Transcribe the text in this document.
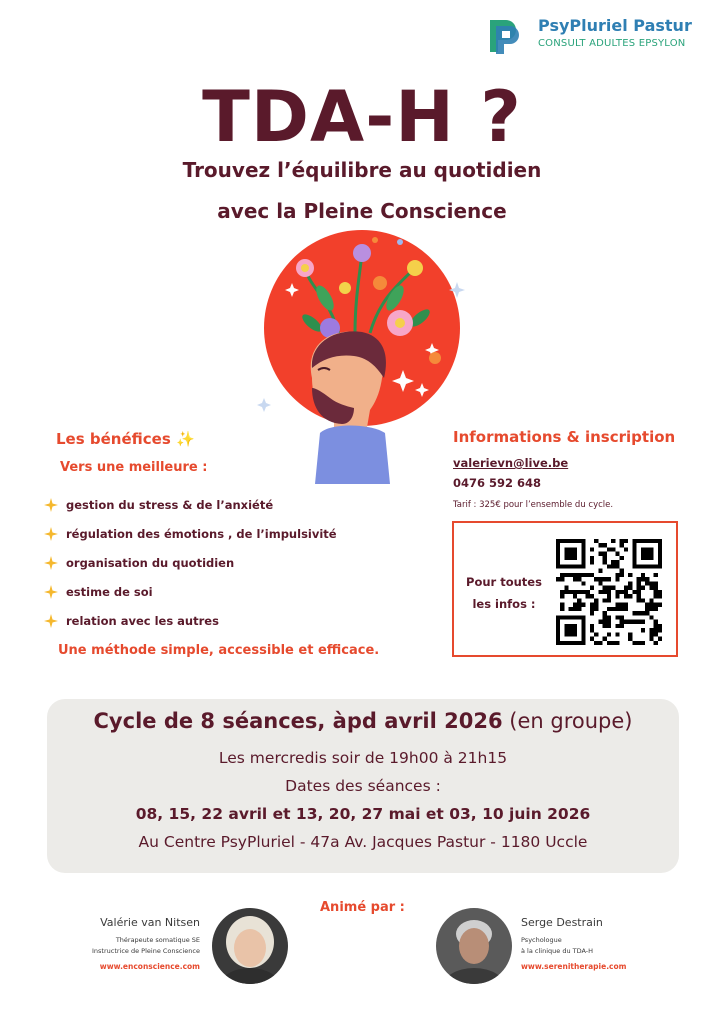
PsyPluriel Pastur
CONSULT ADULTES EPSYLON
TDA-H ?
Trouvez l’équilibre au quotidien
avec la Pleine Conscience
Les bénéfices ✨
Vers une meilleure :
gestion du stress & de l’anxiété
régulation des émotions , de l’impulsivité
organisation du quotidien
estime de soi
relation avec les autres
Une méthode simple, accessible et efficace.
Informations & inscription
valerievn@live.be
0476 592 648
Tarif : 325€ pour l’ensemble du cycle.
Pour toutes
les infos :
Cycle de 8 séances, àpd avril 2026 (en groupe)
Les mercredis soir de 19h00 à 21h15
Dates des séances :
08, 15, 22 avril et 13, 20, 27 mai et 03, 10 juin 2026
Au Centre PsyPluriel - 47a Av. Jacques Pastur - 1180 Uccle
Animé par :
Valérie van Nitsen
Thérapeute somatique SE
Instructrice de Pleine Conscience
www.enconscience.com
Serge Destrain
Psychologue
à la clinique du TDA-H
www.serenitherapie.com
